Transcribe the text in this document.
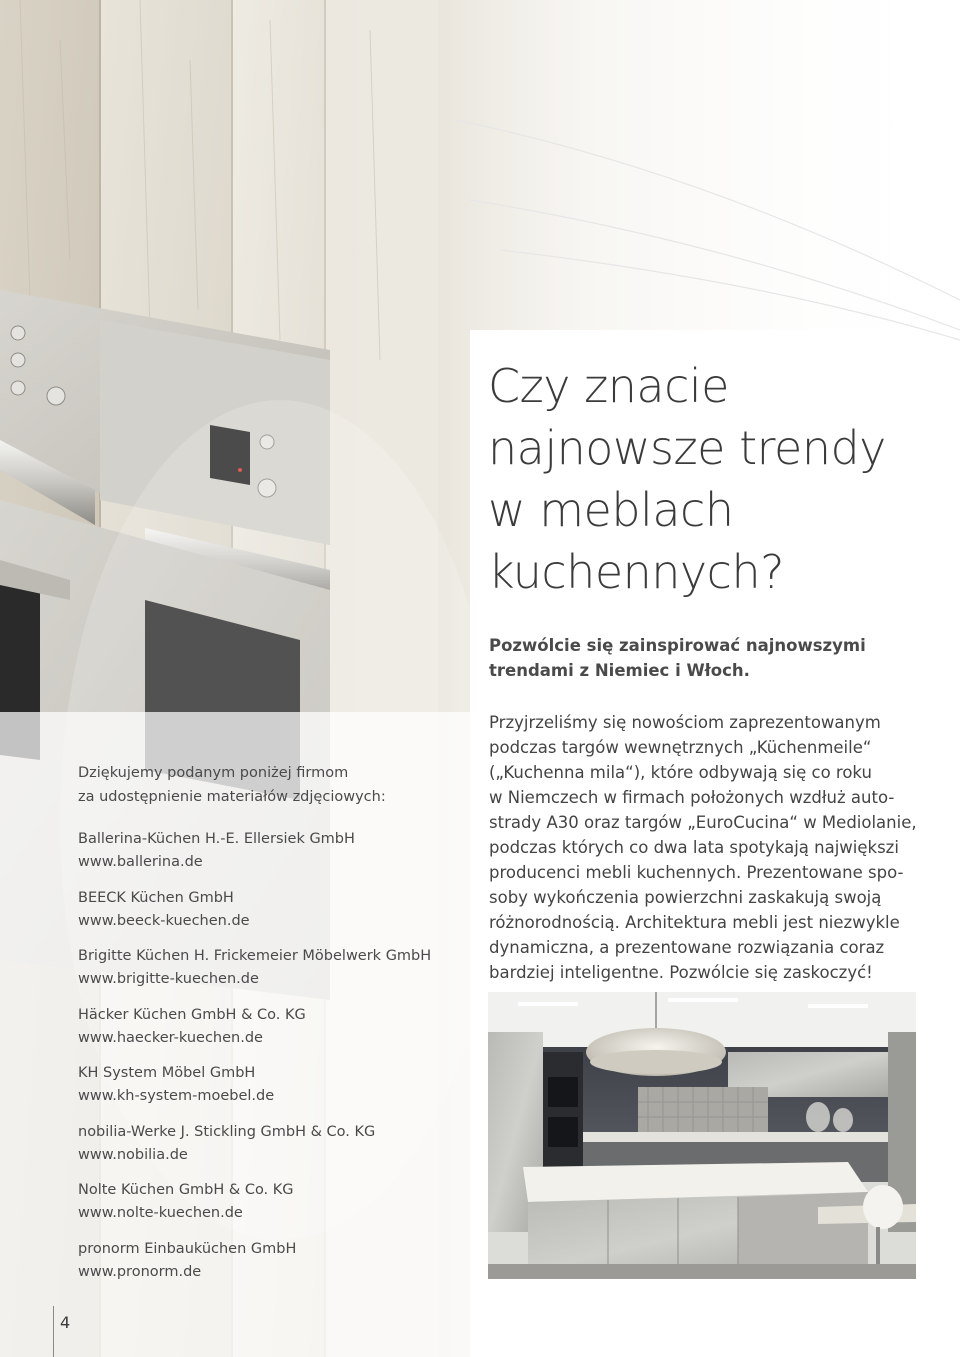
Czy znacie
najnowsze trendy
w meblach
kuchennych?

Pozwólcie się zainspirować najnowszymi trendami z Niemiec i Włoch.

Przyjrzeliśmy się nowościom zaprezentowanym
podczas targów wewnętrznych „Küchenmeile“
(„Kuchenna mila“), które odbywają się co roku
w Niemczech w firmach położonych wzdłuż auto-
strady A30 oraz targów „EuroCucina“ w Mediolanie,
podczas których co dwa lata spotykają największi
producenci mebli kuchennych. Prezentowane spo-
soby wykończenia powierzchni zaskakują swoją
różnorodnością. Architektura mebli jest niezwykle
dynamiczna, a prezentowane rozwiązania coraz
bardziej inteligentne. Pozwólcie się zaskoczyć!

Dziękujemy podanym poniżej firmom
za udostępnienie materiałów zdjęciowych:

Ballerina-Küchen H.-E. Ellersiek GmbH
www.ballerina.de
BEECK Küchen GmbH
www.beeck-kuechen.de
Brigitte Küchen H. Frickemeier Möbelwerk GmbH
www.brigitte-kuechen.de
Häcker Küchen GmbH & Co. KG
www.haecker-kuechen.de
KH System Möbel GmbH
www.kh-system-moebel.de
nobilia-Werke J. Stickling GmbH & Co. KG
www.nobilia.de
Nolte Küchen GmbH & Co. KG
www.nolte-kuechen.de
pronorm Einbauküchen GmbH
www.pronorm.de
4
